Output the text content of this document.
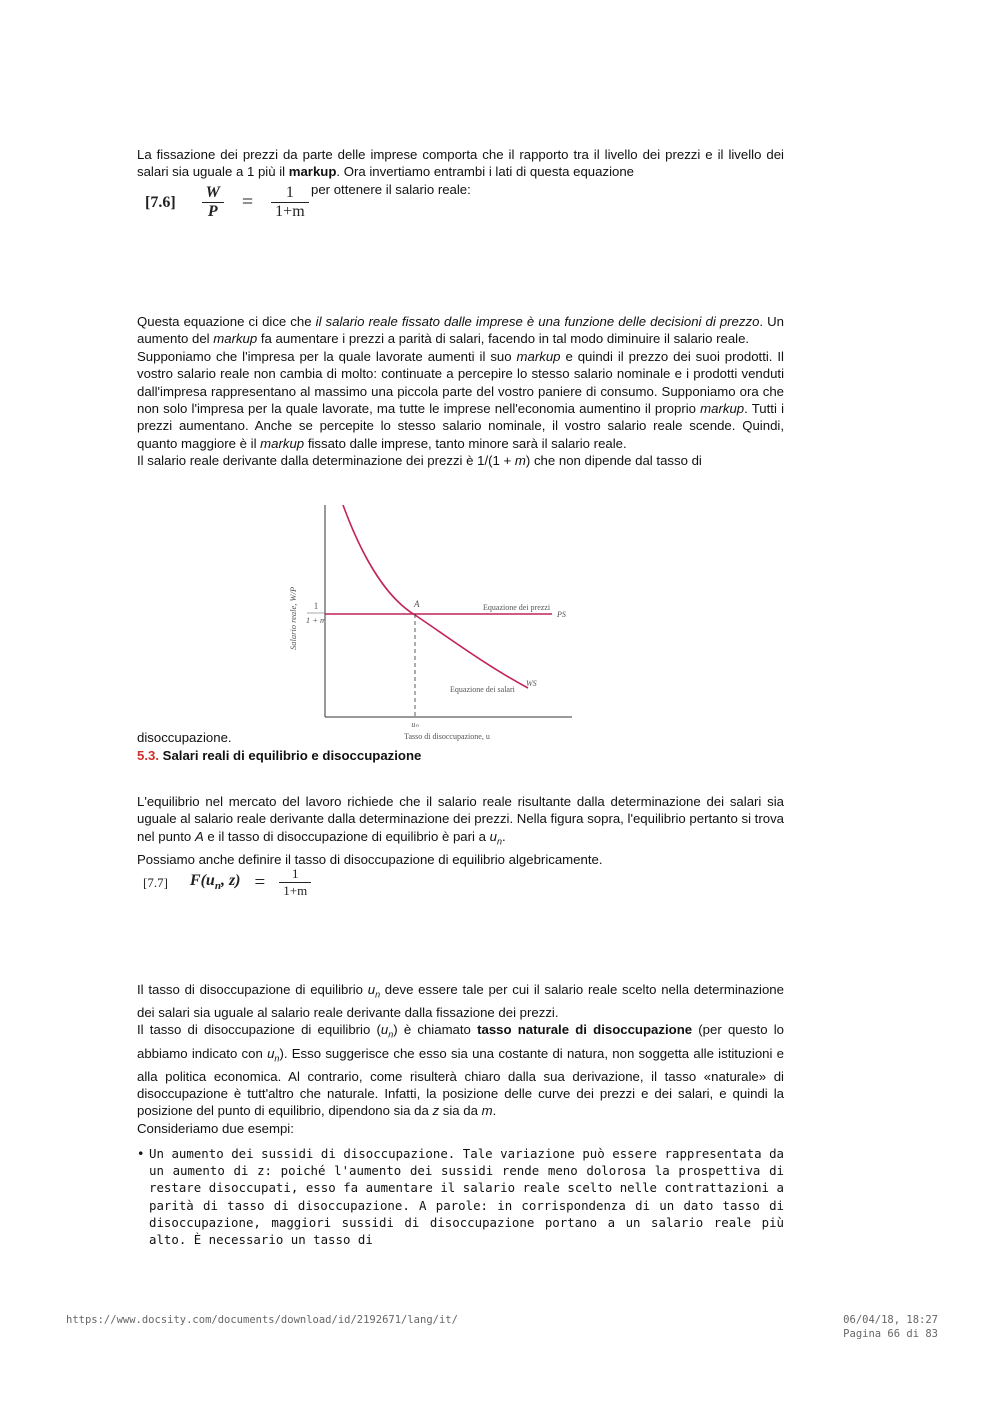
La fissazione dei prezzi da parte delle imprese comporta che il rapporto tra il livello dei prezzi e il livello dei salari sia uguale a 1 più il markup. Ora invertiamo entrambi i lati di questa equazione

$[7.6] \frac{W}{P} = \frac{1}{1+m}$ per ottenere il salario reale:

Questa equazione ci dice che il salario reale fissato dalle imprese è una funzione delle decisioni di prezzo. Un aumento del markup fa aumentare i prezzi a parità di salari, facendo in tal modo diminuire il salario reale.

Supponiamo che l'impresa per la quale lavorate aumenti il suo markup e quindi il prezzo dei suoi prodotti. Il vostro salario reale non cambia di molto: continuate a percepire lo stesso salario nominale e i prodotti venduti dall'impresa rappresentano al massimo una piccola parte del vostro paniere di consumo. Supponiamo ora che non solo l'impresa per la quale lavorate, ma tutte le imprese nell'economia aumentino il proprio markup. Tutti i prezzi aumentano. Anche se percepite lo stesso salario nominale, il vostro salario reale scende. Quindi, quanto maggiore è il markup fissato dalle imprese, tanto minore sarà il salario reale.

Il salario reale derivante dalla determinazione dei prezzi è 1/(1 + m) che non dipende dal tasso di

Salario reale, W/P 1
1 + m
A	Equazione dei prezzi
PS
Equazione dei salari
WS
uₙ
Tasso di disoccupazione, u
disoccupazione.
5.3. Salari reali di equilibrio e disoccupazione

L'equilibrio nel mercato del lavoro richiede che il salario reale risultante dalla determinazione dei salari sia uguale al salario reale derivante dalla determinazione dei prezzi. Nella figura sopra, l'equilibrio pertanto si trova nel punto A e il tasso di disoccupazione di equilibrio è pari a $u_n$.

Possiamo anche definire il tasso di disoccupazione di equilibrio algebricamente.

[7.7] $F(u_n$, $z) = \frac{1}{1+m}$

Il tasso di disoccupazione di equilibrio $u_n$ deve essere tale per cui il salario reale scelto nella determinazione dei salari sia uguale al salario reale derivante dalla fissazione dei prezzi.

Il tasso di disoccupazione di equilibrio $(u_n)$ è chiamato tasso naturale di disoccupazione (per questo lo abbiamo indicato con $u_n$). Esso suggerisce che esso sia una costante di natura, non soggetta alle istituzioni e alla politica economica. Al contrario, come risulterà chiaro dalla sua derivazione, il tasso «naturale» di disoccupazione è tutt'altro che naturale. Infatti, la posizione delle curve dei prezzi e dei salari, e quindi la posizione del punto di equilibrio, dipendono sia da z sia da m.

Consideriamo due esempi:

• Un aumento dei sussidi di disoccupazione. Tale variazione può essere rappresentata da un aumento di z: poiché l'aumento dei sussidi rende meno dolorosa la prospettiva di restare disoccupati, esso fa aumentare il salario reale scelto nelle contrattazioni a parità di tasso di disoccupazione. A parole: in corrispondenza di un dato tasso di disoccupazione, maggiori sussidi di disoccupazione portano a un salario reale più alto. È necessario un tasso di
https://www.docsity.com/documents/download/id/2192671/lang/it/	06/04/18, 18:27
Pagina 66 di 83
